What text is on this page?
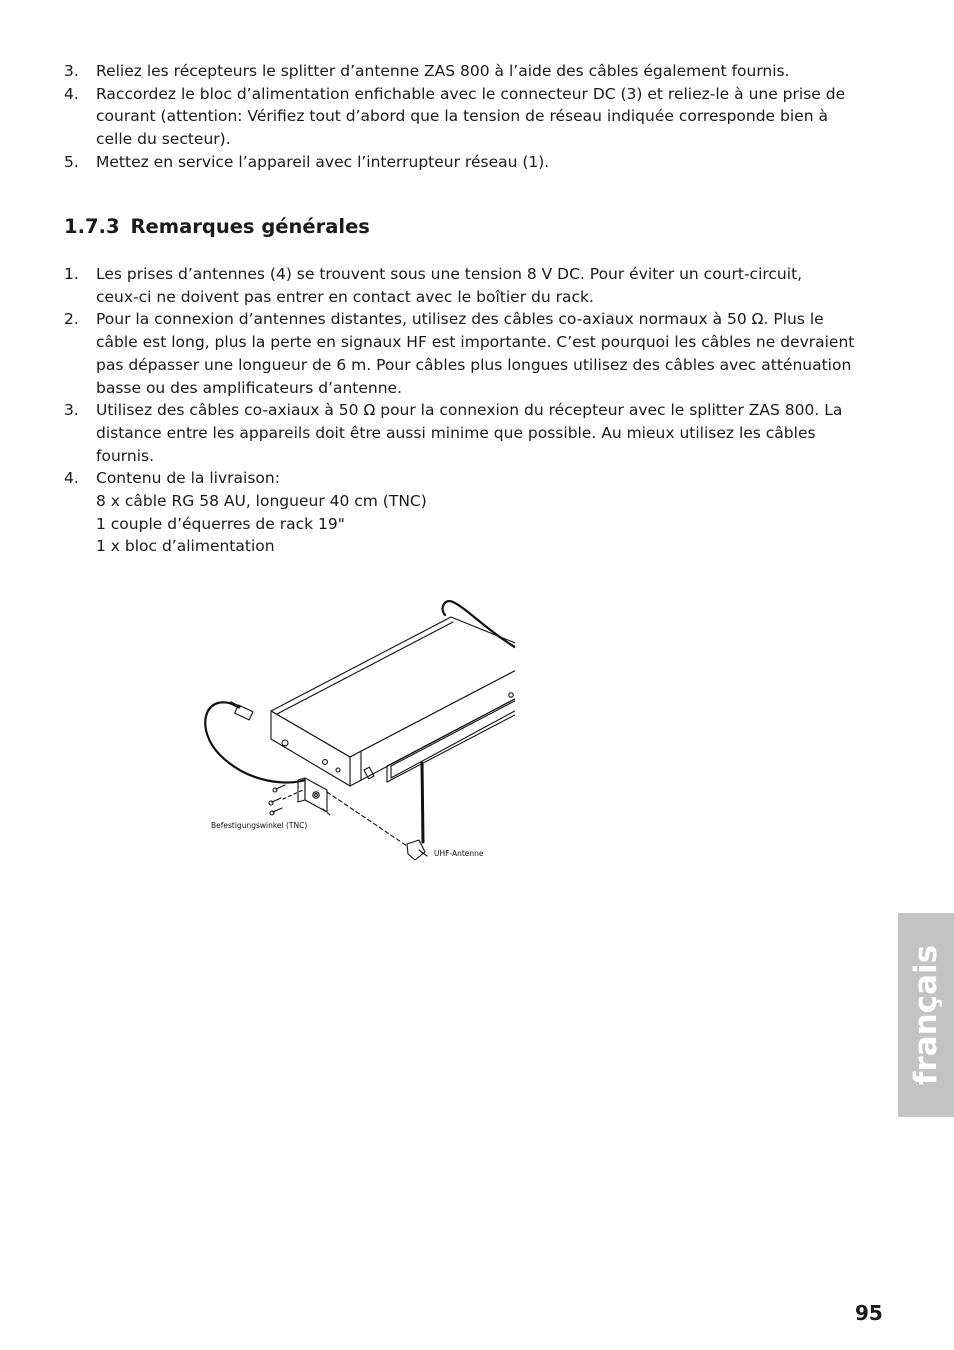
3. Reliez les récepteurs le splitter d’antenne ZAS 800 à l’aide des câbles également fournis.
4. Raccordez le bloc d’alimentation enfichable avec le connecteur DC (3) et reliez-le à une prise de
courant (attention: Vérifiez tout d’abord que la tension de réseau indiquée corresponde bien à
celle du secteur).
5. Mettez en service l’appareil avec l’interrupteur réseau (1).
1.7.3 Remarques générales
1. Les prises d’antennes (4) se trouvent sous une tension 8 V DC. Pour éviter un court-circuit,
ceux-ci ne doivent pas entrer en contact avec le boîtier du rack.
2. Pour la connexion d’antennes distantes, utilisez des câbles co-axiaux normaux à 50 Ω. Plus le
câble est long, plus la perte en signaux HF est importante. C’est pourquoi les câbles ne devraient
pas dépasser une longueur de 6 m. Pour câbles plus longues utilisez des câbles avec atténuation
basse ou des amplificateurs d’antenne.
3. Utilisez des câbles co-axiaux à 50 Ω pour la connexion du récepteur avec le splitter ZAS 800. La
distance entre les appareils doit être aussi minime que possible. Au mieux utilisez les câbles
fournis.
4. Contenu de la livraison:
8 x câble RG 58 AU, longueur 40 cm (TNC)
1 couple d’équerres de rack 19"
1 x bloc d’alimentation
Befestigungswinkel (TNC)
UHF-Antenne
français
95
